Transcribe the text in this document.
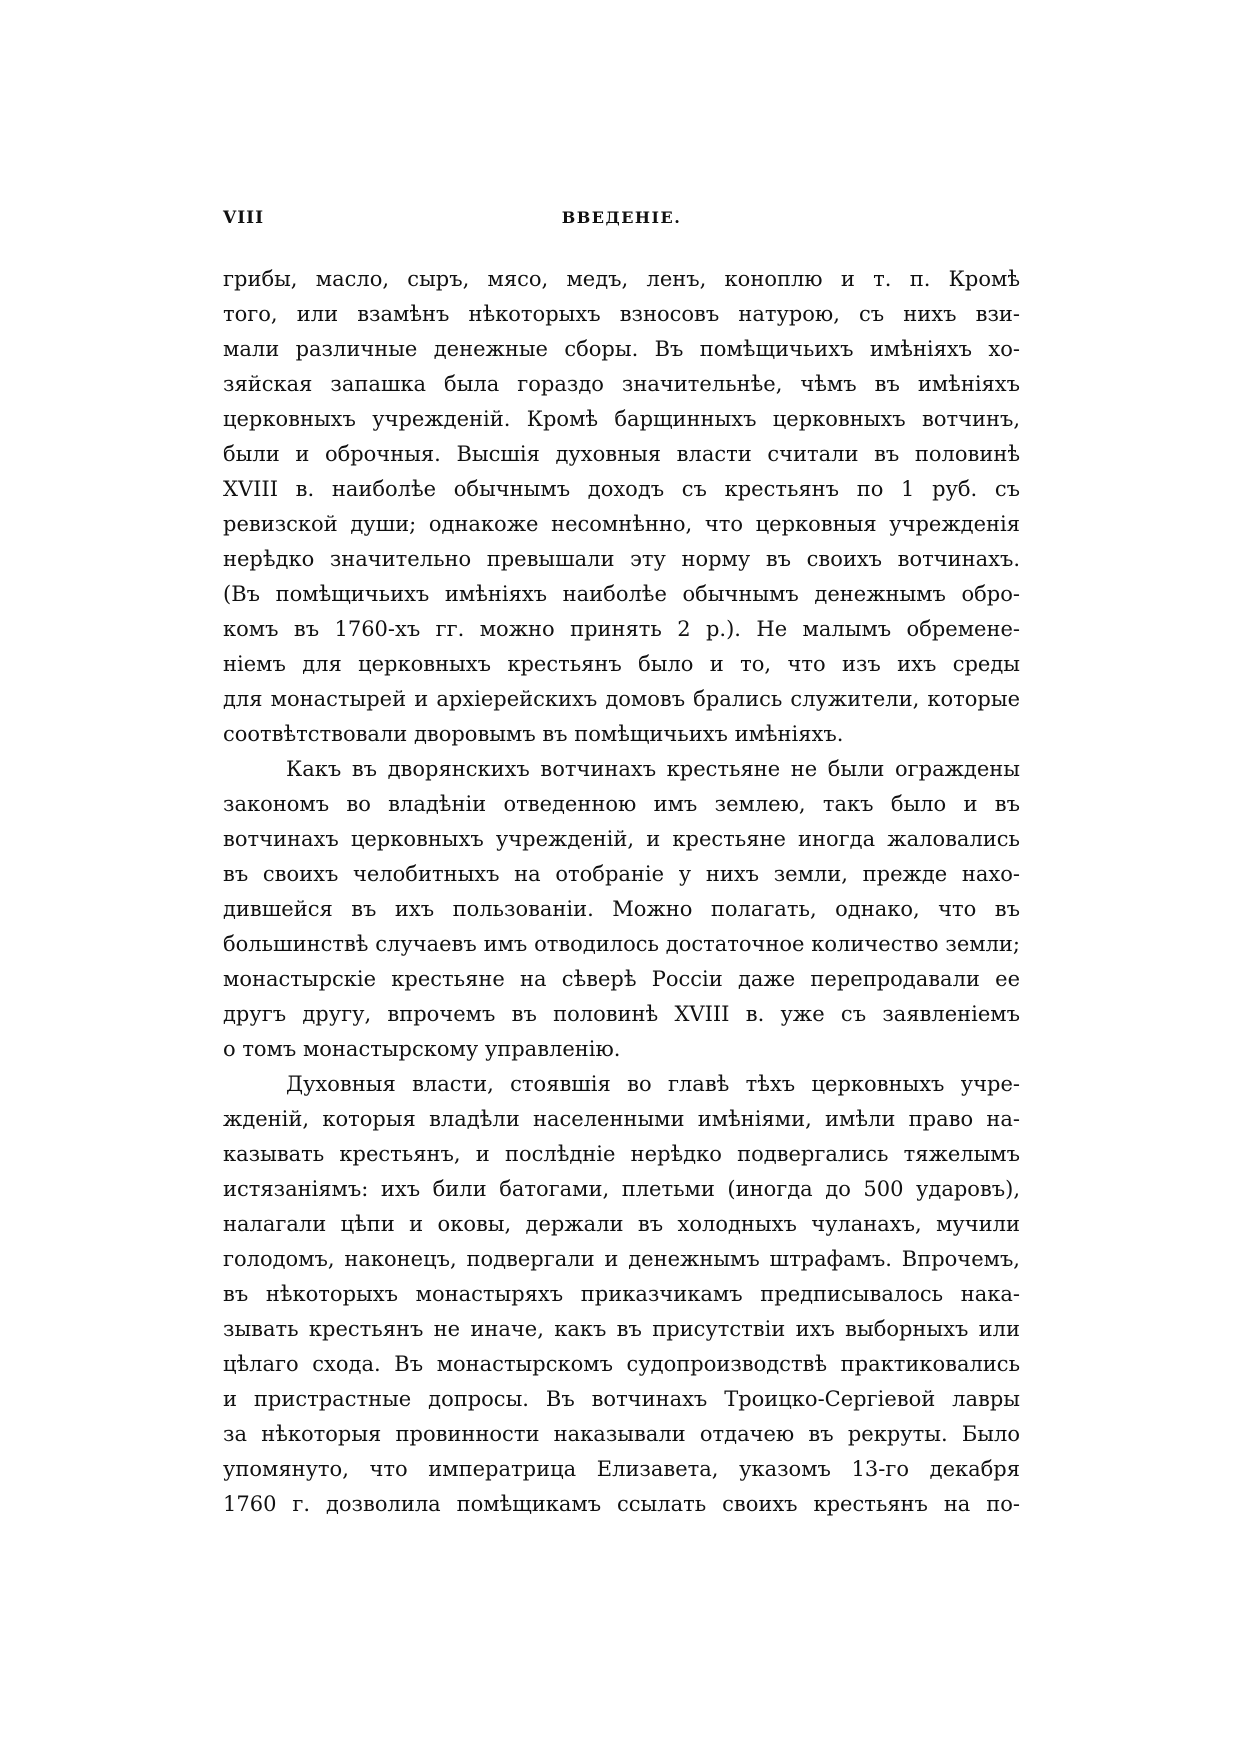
VIII	ВВЕДЕНІЕ.
грибы, масло, сыръ, мясо, медъ, ленъ, коноплю и т. п. Кромѣ
того, или взамѣнъ нѣкоторыхъ взносовъ натурою, съ нихъ взи-
мали различные денежные сборы. Въ помѣщичьихъ имѣніяхъ хо-
зяйская запашка была гораздо значительнѣе, чѣмъ въ имѣніяхъ
церковныхъ учрежденій. Кромѣ барщинныхъ церковныхъ вотчинъ,
были и оброчныя. Высшія духовныя власти считали въ половинѣ
XVIII в. наиболѣе обычнымъ доходъ съ крестьянъ по 1 руб. съ
ревизской души; однакоже несомнѣнно, что церковныя учрежденія
нерѣдко значительно превышали эту норму въ своихъ вотчинахъ.
(Въ помѣщичьихъ имѣніяхъ наиболѣе обычнымъ денежнымъ обро-
комъ въ 1760-хъ гг. можно принять 2 р.). Не малымъ обремене-
ніемъ для церковныхъ крестьянъ было и то, что изъ ихъ среды
для монастырей и архіерейскихъ домовъ брались служители, которые
соотвѣтствовали дворовымъ въ помѣщичьихъ имѣніяхъ.
Какъ въ дворянскихъ вотчинахъ крестьяне не были ограждены
закономъ во владѣніи отведенною имъ землею, такъ было и въ
вотчинахъ церковныхъ учрежденій, и крестьяне иногда жаловались
въ своихъ челобитныхъ на отобраніе у нихъ земли, прежде нахо-
дившейся въ ихъ пользованіи. Можно полагать, однако, что въ
большинствѣ случаевъ имъ отводилось достаточное количество земли;
монастырскіе крестьяне на сѣверѣ Россіи даже перепродавали ее
другъ другу, впрочемъ въ половинѣ XVIII в. уже съ заявленіемъ
о томъ монастырскому управленію.
Духовныя власти, стоявшія во главѣ тѣхъ церковныхъ учре-
жденій, которыя владѣли населенными имѣніями, имѣли право на-
казывать крестьянъ, и послѣдніе нерѣдко подвергались тяжелымъ
истязаніямъ: ихъ били батогами, плетьми (иногда до 500 ударовъ),
налагали цѣпи и оковы, держали въ холодныхъ чуланахъ, мучили
голодомъ, наконецъ, подвергали и денежнымъ штрафамъ. Впрочемъ,
въ нѣкоторыхъ монастыряхъ приказчикамъ предписывалось нака-
зывать крестьянъ не иначе, какъ въ присутствіи ихъ выборныхъ или
цѣлаго схода. Въ монастырскомъ судопроизводствѣ практиковались
и пристрастные допросы. Въ вотчинахъ Троицко-Сергіевой лавры
за нѣкоторыя провинности наказывали отдачею въ рекруты. Было
упомянуто, что императрица Елизавета, указомъ 13-го декабря
1760 г. дозволила помѣщикамъ ссылать своихъ крестьянъ на по-
